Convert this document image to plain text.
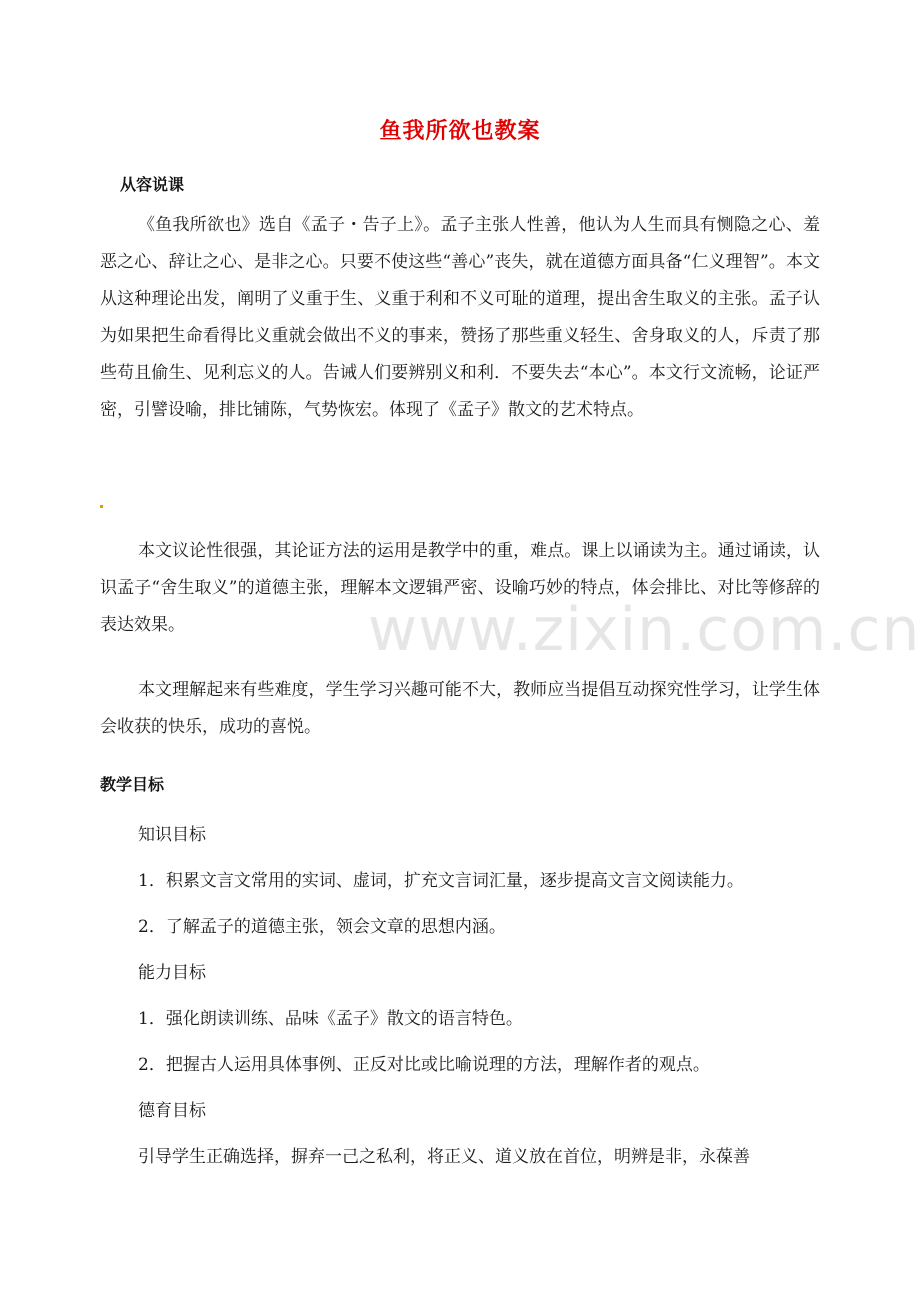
www.zixin.com.cn
鱼我所欲也教案
从容说课

《鱼我所欲也》选自《孟子・告子上》。孟子主张人性善，他认为人生而具有恻隐之心、羞恶之心、辞让之心、是非之心。只要不使这些“善心”丧失，就在道德方面具备“仁义理智”。本文从这种理论出发，阐明了义重于生、义重于利和不义可耻的道理，提出舍生取义的主张。孟子认为如果把生命看得比义重就会做出不义的事来，赞扬了那些重义轻生、舍身取义的人，斥责了那些苟且偷生、见利忘义的人。告诫人们要辨别义和利．不要失去“本心”。本文行文流畅，论证严密，引譬设喻，排比铺陈，气势恢宏。体现了《孟子》散文的艺术特点。

本文议论性很强，其论证方法的运用是教学中的重，难点。课上以诵读为主。通过诵读，认识孟子“舍生取义”的道德主张，理解本文逻辑严密、设喻巧妙的特点，体会排比、对比等修辞的表达效果。

本文理解起来有些难度，学生学习兴趣可能不大，教师应当提倡互动探究性学习，让学生体会收获的快乐，成功的喜悦。

教学目标
知识目标
1．积累文言文常用的实词、虚词，扩充文言词汇量，逐步提高文言文阅读能力。
2．了解孟子的道德主张，领会文章的思想内涵。
能力目标
1．强化朗读训练、品味《孟子》散文的语言特色。
2．把握古人运用具体事例、正反对比或比喻说理的方法，理解作者的观点。
德育目标
引导学生正确选择，摒弃一己之私利，将正义、道义放在首位，明辨是非，永葆善
